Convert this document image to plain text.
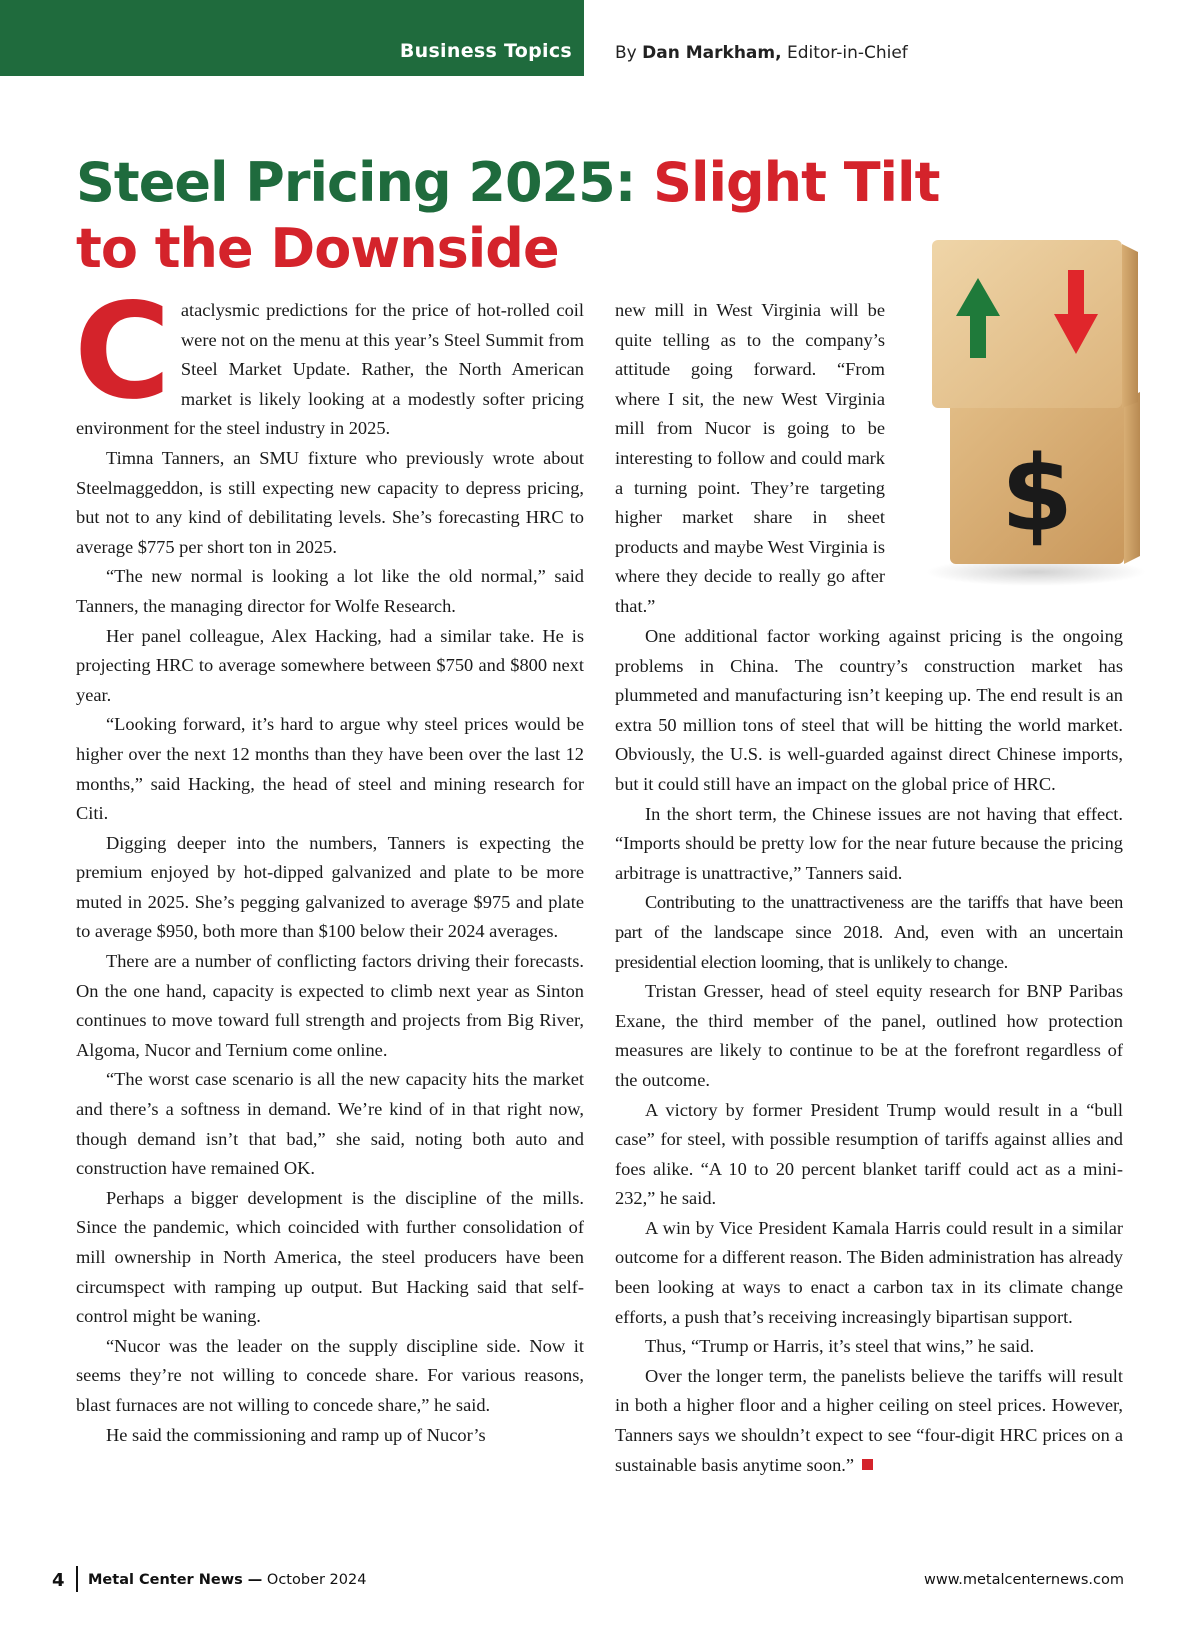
Business Topics	By Dan Markham, Editor-in-Chief
Steel Pricing 2025: Slight Tilt to the Downside
$
C ataclysmic predictions for the price of hot-rolled coil were not on the menu at this year’s Steel Summit from Steel Market Update. Rather, the North American market is likely looking at a modestly softer pricing environment for the steel industry in 2025.

Timna Tanners, an SMU fixture who previously wrote about Steelmaggeddon, is still expecting new capacity to depress pricing, but not to any kind of debilitating levels. She’s forecasting HRC to average $775 per short ton in 2025.

“The new normal is looking a lot like the old normal,” said Tanners, the managing director for Wolfe Research.

Her panel colleague, Alex Hacking, had a similar take. He is projecting HRC to average somewhere between $750 and $800 next year.

“Looking forward, it’s hard to argue why steel prices would be higher over the next 12 months than they have been over the last 12 months,” said Hacking, the head of steel and mining research for Citi.

Digging deeper into the numbers, Tanners is expecting the premium enjoyed by hot-dipped galvanized and plate to be more muted in 2025. She’s pegging galvanized to average $975 and plate to average $950, both more than $100 below their 2024 averages.

There are a number of conflicting factors driving their forecasts. On the one hand, capacity is expected to climb next year as Sinton continues to move toward full strength and projects from Big River, Algoma, Nucor and Ternium come online.

“The worst case scenario is all the new capacity hits the market and there’s a softness in demand. We’re kind of in that right now, though demand isn’t that bad,” she said, noting both auto and construction have remained OK.

Perhaps a bigger development is the discipline of the mills. Since the pandemic, which coincided with further consolidation of mill ownership in North America, the steel producers have been circumspect with ramping up output. But Hacking said that self-control might be waning.

“Nucor was the leader on the supply discipline side. Now it seems they’re not willing to concede share. For various reasons, blast furnaces are not willing to concede share,” he said.

He said the commissioning and ramp up of Nucor’s

new mill in West Virginia will be quite telling as to the company’s attitude going forward. “From where I sit, the new West Virginia mill from Nucor is going to be interesting to follow and could mark a turning point. They’re targeting higher market share in sheet products and maybe West Virginia is where they decide to really go after that.”

One additional factor working against pricing is the ongoing problems in China. The country’s construction market has plummeted and manufacturing isn’t keeping up. The end result is an extra 50 million tons of steel that will be hitting the world market. Obviously, the U.S. is well-guarded against direct Chinese imports, but it could still have an impact on the global price of HRC.

In the short term, the Chinese issues are not having that effect. “Imports should be pretty low for the near future because the pricing arbitrage is unattractive,” Tanners said.

Contributing to the unattractiveness are the tariffs that have been part of the landscape since 2018. And, even with an uncertain presidential election looming, that is unlikely to change.

Tristan Gresser, head of steel equity research for BNP Paribas Exane, the third member of the panel, outlined how protection measures are likely to continue to be at the forefront regardless of the outcome.

A victory by former President Trump would result in a “bull case” for steel, with possible resumption of tariffs against allies and foes alike. “A 10 to 20 percent blanket tariff could act as a mini-232,” he said.

A win by Vice President Kamala Harris could result in a similar outcome for a different reason. The Biden administration has already been looking at ways to enact a carbon tax in its climate change efforts, a push that’s receiving increasingly bipartisan support.

Thus, “Trump or Harris, it’s steel that wins,” he said.

Over the longer term, the panelists believe the tariffs will result in both a higher floor and a higher ceiling on steel prices. However, Tanners says we shouldn’t expect to see “four-digit HRC prices on a sustainable basis anytime soon.”

4 Metal Center News — October 2024	www.metalcenternews.com
